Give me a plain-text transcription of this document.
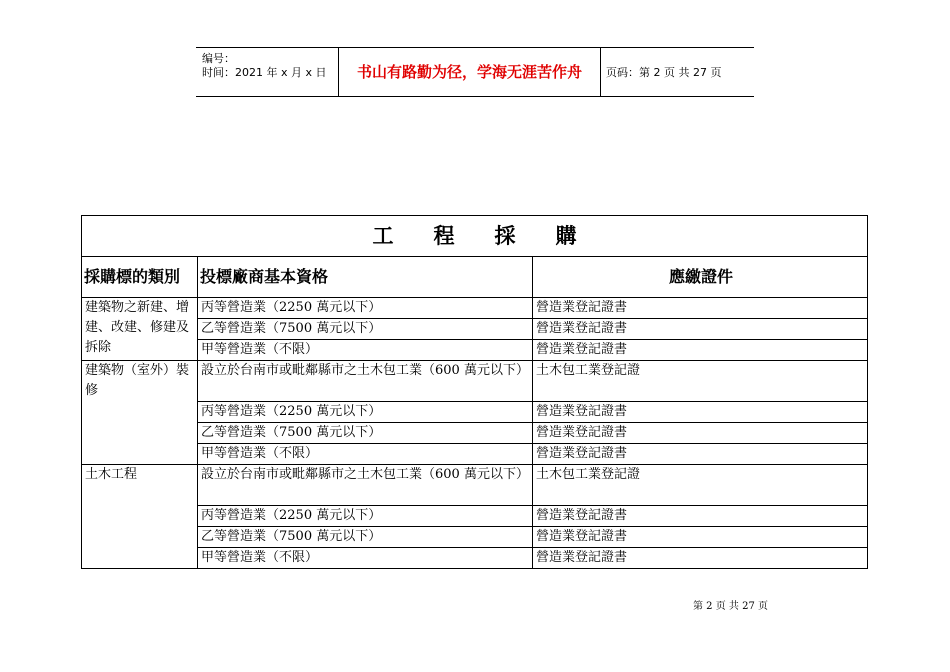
编号：
时间：2021 年 x 月 x 日	书山有路勤为径，学海无涯苦作舟	页码：第 2 页 共 27 页
工程採購		
採購標的類別	投標廠商基本資格	應繳證件
建築物之新建、增建、改建、修建及拆除	丙等營造業（2250 萬元以下）	營造業登記證書
	乙等營造業（7500 萬元以下）	營造業登記證書
	甲等營造業（不限）	營造業登記證書
建築物（室外）裝修	設立於台南市或毗鄰縣市之土木包工業（600 萬元以下）	土木包工業登記證
	丙等營造業（2250 萬元以下）	營造業登記證書
	乙等營造業（7500 萬元以下）	營造業登記證書
	甲等營造業（不限）	營造業登記證書
土木工程	設立於台南市或毗鄰縣市之土木包工業（600 萬元以下）	土木包工業登記證
	丙等營造業（2250 萬元以下）	營造業登記證書
	乙等營造業（7500 萬元以下）	營造業登記證書
	甲等營造業（不限）	營造業登記證書
第 2 页 共 27 页
